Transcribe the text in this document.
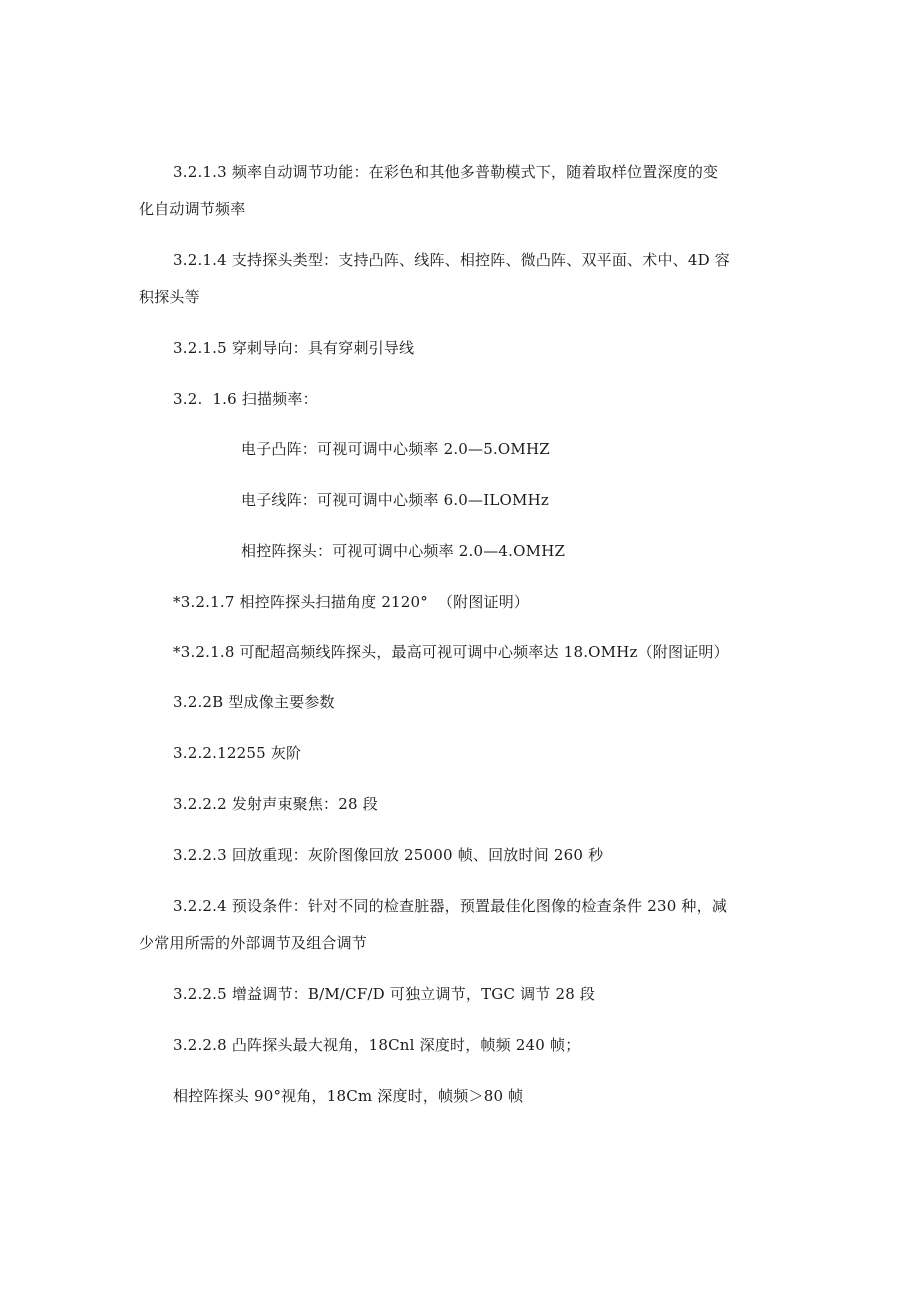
3.2.1.3 频率自动调节功能：在彩色和其他多普勒模式下，随着取样位置深度的变
化自动调节频率
3.2.1.4 支持探头类型：支持凸阵、线阵、相控阵、微凸阵、双平面、术中、4D 容
积探头等
3.2.1.5 穿刺导向：具有穿刺引导线
3.2.  1.6 扫描频率：
电子凸阵：可视可调中心频率 2.0—5.OMHZ
电子线阵：可视可调中心频率 6.0—ILOMHz
相控阵探头：可视可调中心频率 2.0—4.OMHZ
*3.2.1.7 相控阵探头扫描角度 2120°  （附图证明）
*3.2.1.8 可配超高频线阵探头，最高可视可调中心频率达 18.OMHz（附图证明）
3.2.2B 型成像主要参数
3.2.2.12255 灰阶
3.2.2.2 发射声束聚焦：28 段
3.2.2.3 回放重现：灰阶图像回放 25000 帧、回放时间 260 秒
3.2.2.4 预设条件：针对不同的检查脏器，预置最佳化图像的检查条件 230 种，减
少常用所需的外部调节及组合调节
3.2.2.5 增益调节：B/M/CF/D 可独立调节，TGC 调节 28 段
3.2.2.8 凸阵探头最大视角，18Cnl 深度时，帧频 240 帧；
相控阵探头 90°视角，18Cm 深度时，帧频＞80 帧
